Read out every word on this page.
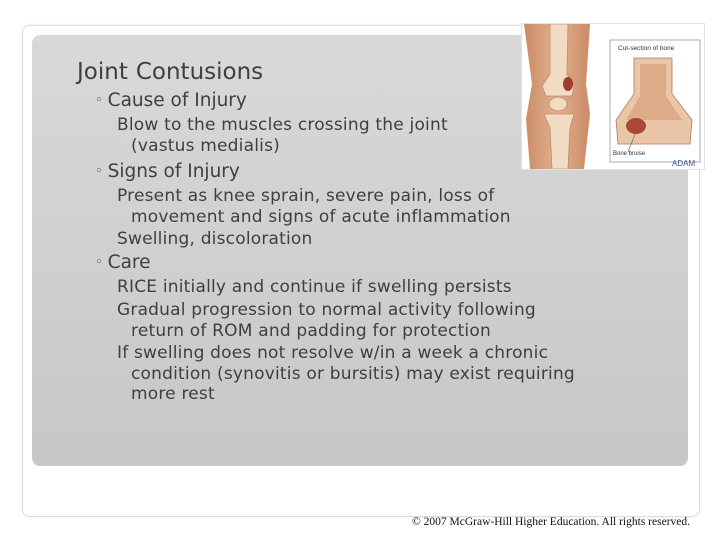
Cut-section of bone
Bone bruise
ADAM
Joint Contusions
◦ Cause of Injury
Blow to the muscles crossing the joint
(vastus medialis)
◦ Signs of Injury
Present as knee sprain, severe pain, loss of
movement and signs of acute inflammation
Swelling, discoloration
◦ Care
RICE initially and continue if swelling persists
Gradual progression to normal activity following
return of ROM and padding for protection
If swelling does not resolve w/in a week a chronic
condition (synovitis or bursitis) may exist requiring
more rest
© 2007 McGraw-Hill Higher Education. All rights reserved.
